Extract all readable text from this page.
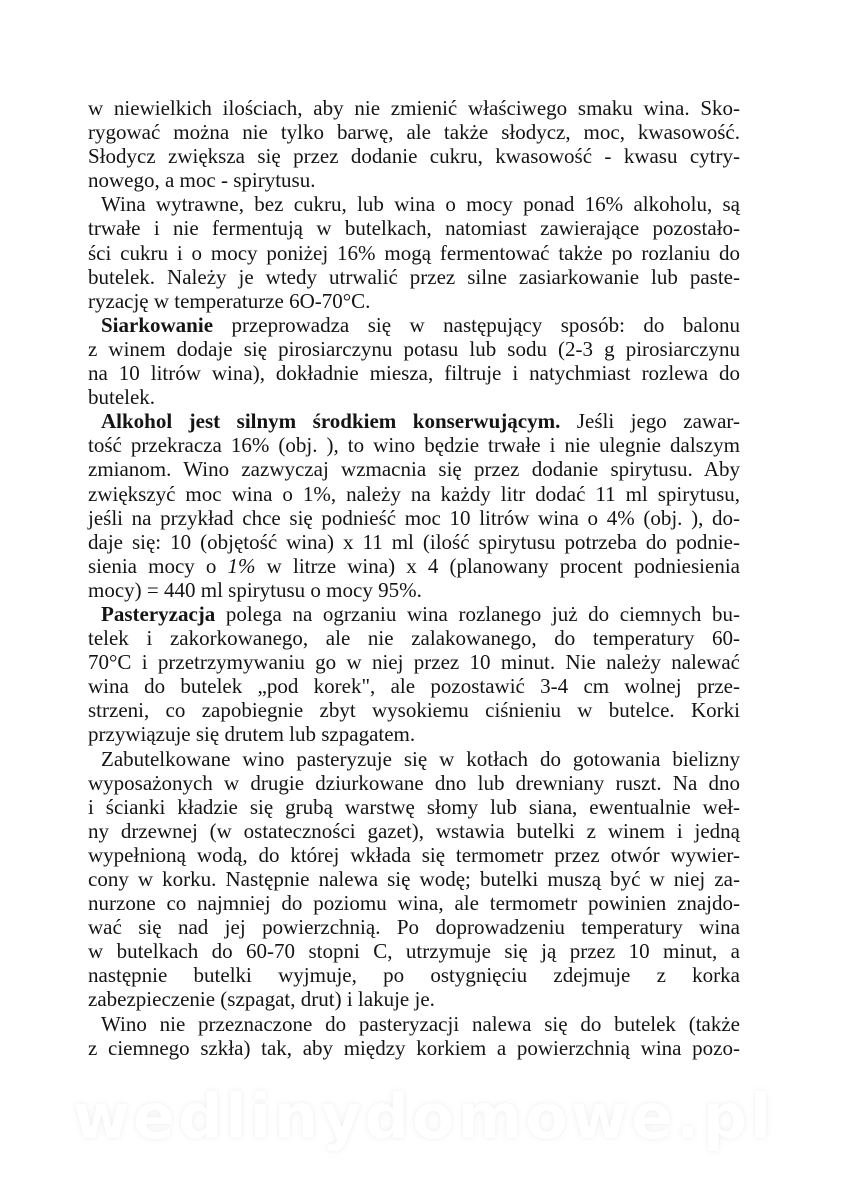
w niewielkich ilościach, aby nie zmienić właściwego smaku wina. Sko-
rygować można nie tylko barwę, ale także słodycz, moc, kwasowość.
Słodycz zwiększa się przez dodanie cukru, kwasowość - kwasu cytry-
nowego, a moc - spirytusu.
Wina wytrawne, bez cukru, lub wina o mocy ponad 16% alkoholu, są
trwałe i nie fermentują w butelkach, natomiast zawierające pozostało-
ści cukru i o mocy poniżej 16% mogą fermentować także po rozlaniu do
butelek. Należy je wtedy utrwalić przez silne zasiarkowanie lub paste-
ryzację w temperaturze 6O-70°C.
Siarkowanie przeprowadza się w następujący sposób: do balonu
z winem dodaje się pirosiarczynu potasu lub sodu (2-3 g pirosiarczynu
na 10 litrów wina), dokładnie miesza, filtruje i natychmiast rozlewa do
butelek.
Alkohol jest silnym środkiem konserwującym. Jeśli jego zawar-
tość przekracza 16% (obj. ), to wino będzie trwałe i nie ulegnie dalszym
zmianom. Wino zazwyczaj wzmacnia się przez dodanie spirytusu. Aby
zwiększyć moc wina o 1%, należy na każdy litr dodać 11 ml spirytusu,
jeśli na przykład chce się podnieść moc 10 litrów wina o 4% (obj. ), do-
daje się: 10 (objętość wina) x 11 ml (ilość spirytusu potrzeba do podnie-
sienia mocy o 1% w litrze wina) x 4 (planowany procent podniesienia
mocy) = 440 ml spirytusu o mocy 95%.
Pasteryzacja polega na ogrzaniu wina rozlanego już do ciemnych bu-
telek i zakorkowanego, ale nie zalakowanego, do temperatury 60-
70°C i przetrzymywaniu go w niej przez 10 minut. Nie należy nalewać
wina do butelek „pod korek", ale pozostawić 3-4 cm wolnej prze-
strzeni, co zapobiegnie zbyt wysokiemu ciśnieniu w butelce. Korki
przywiązuje się drutem lub szpagatem.
Zabutelkowane wino pasteryzuje się w kotłach do gotowania bielizny
wyposażonych w drugie dziurkowane dno lub drewniany ruszt. Na dno
i ścianki kładzie się grubą warstwę słomy lub siana, ewentualnie weł-
ny drzewnej (w ostateczności gazet), wstawia butelki z winem i jedną
wypełnioną wodą, do której wkłada się termometr przez otwór wywier-
cony w korku. Następnie nalewa się wodę; butelki muszą być w niej za-
nurzone co najmniej do poziomu wina, ale termometr powinien znajdo-
wać się nad jej powierzchnią. Po doprowadzeniu temperatury wina
w butelkach do 60-70 stopni C, utrzymuje się ją przez 10 minut, a
następnie butelki wyjmuje, po ostygnięciu zdejmuje z korka
zabezpieczenie (szpagat, drut) i lakuje je.
Wino nie przeznaczone do pasteryzacji nalewa się do butelek (także
z ciemnego szkła) tak, aby między korkiem a powierzchnią wina pozo-
wedlinydomowe.pl
